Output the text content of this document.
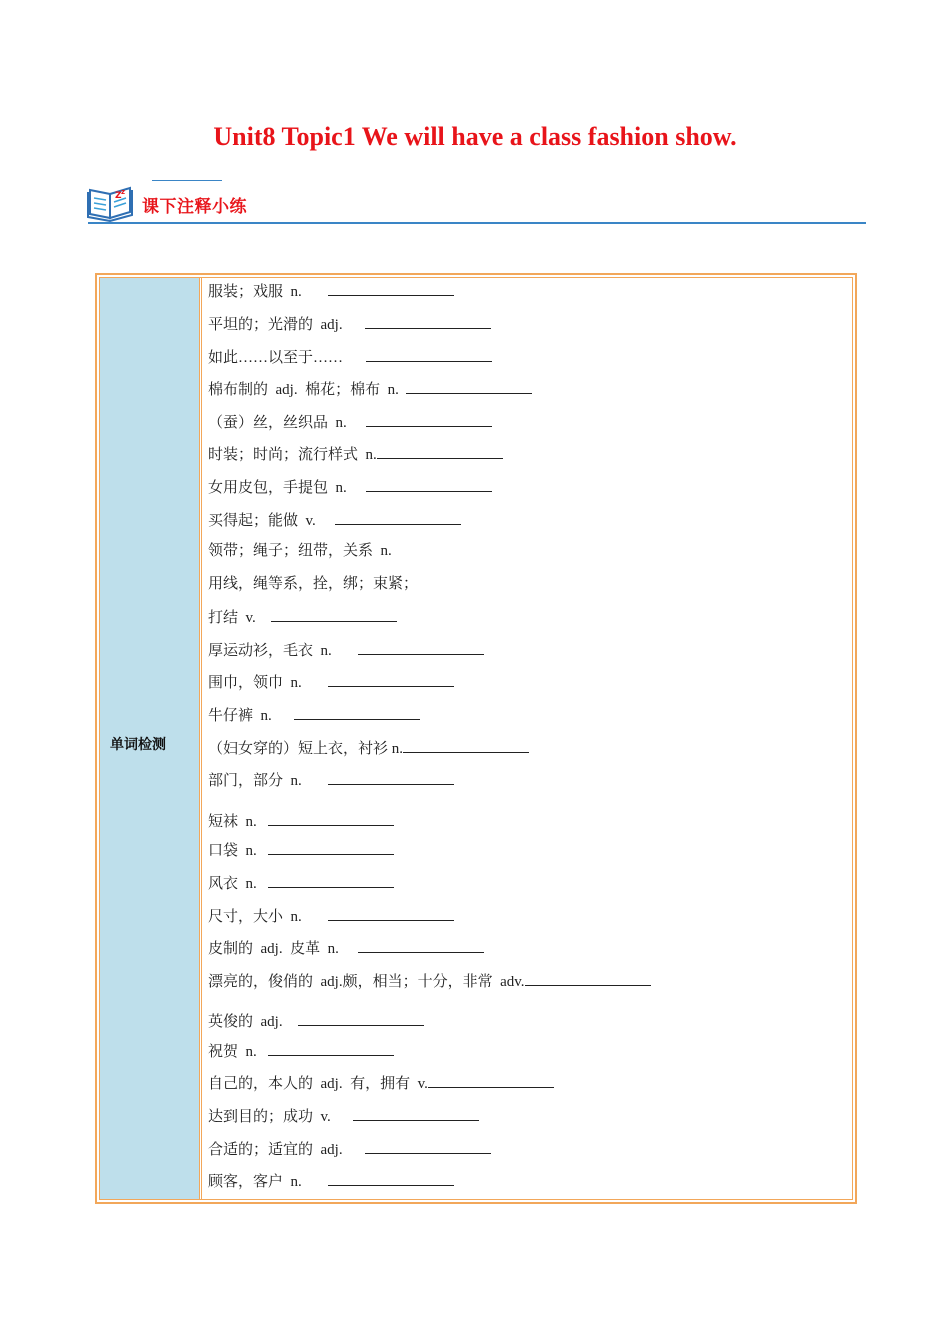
Unit8 Topic1 We will have a class fashion show.
Z z
课下注释小练
单词检测
服装；戏服  n.
平坦的；光滑的  adj.
如此……以至于……
棉布制的  adj.  棉花；棉布  n.
（蚕）丝，丝织品  n.
时装；时尚；流行样式  n.
女用皮包，手提包  n.
买得起；能做  v.
领带；绳子；纽带，关系  n.
用线，绳等系，拴，绑；束紧；
打结  v.
厚运动衫，毛衣  n.
围巾，领巾  n.
牛仔裤  n.
（妇女穿的）短上衣，衬衫 n.
部门，部分  n.
短袜  n.
口袋  n.
风衣  n.
尺寸，大小  n.
皮制的  adj.  皮革  n.
漂亮的，俊俏的  adj.颇，相当；十分，非常  adv.
英俊的  adj.
祝贺  n.
自己的，本人的  adj.  有，拥有  v.
达到目的；成功  v.
合适的；适宜的  adj.
顾客，客户  n.
